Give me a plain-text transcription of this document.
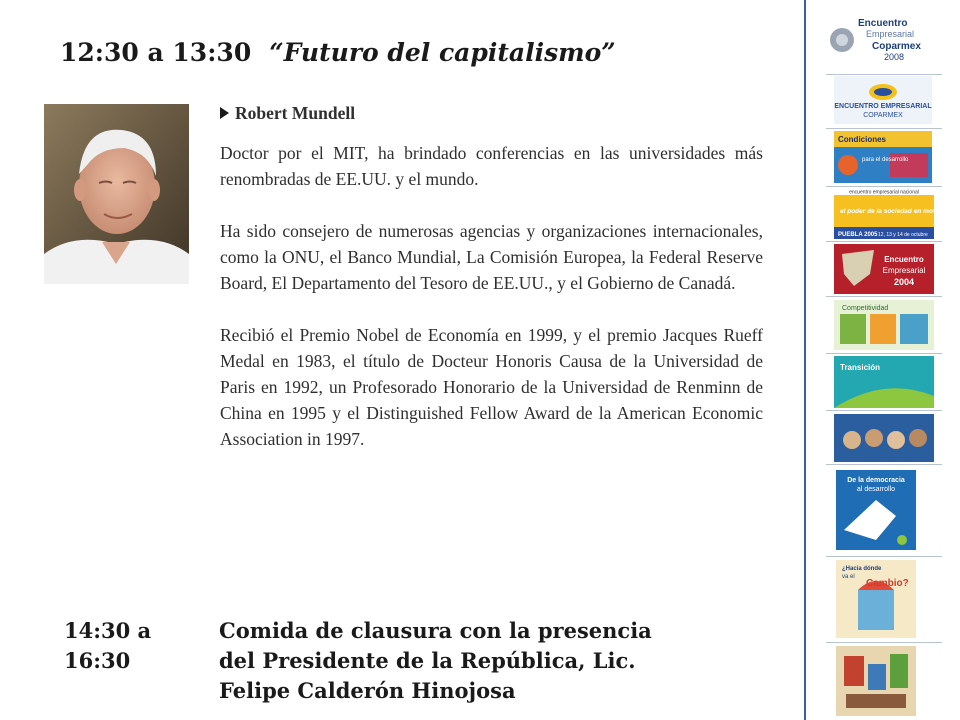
12:30 a 13:30 “Futuro del capitalismo”
Robert Mundell

Doctor por el MIT, ha brindado conferencias en las universidades más renombradas de EE.UU. y el mundo.

Ha sido consejero de numerosas agencias y organizaciones internacionales, como la ONU, el Banco Mundial, La Comisión Europea, la Federal Reserve Board, El Departamento del Tesoro de EE.UU., y el Gobierno de Canadá.

Recibió el Premio Nobel de Economía en 1999, y el premio Jacques Rueff Medal en 1983, el título de Docteur Honoris Causa de la Universidad de Paris en 1992, un Profesorado Honorario de la Universidad de Renminn de China en 1995 y el Distinguished Fellow Award de la American Economic Association in 1997.

14:30 a 16:30
Comida de clausura con la presencia del Presidente de la República, Lic. Felipe Calderón Hinojosa
Encuentro
Empresarial
Coparmex
2008
ENCUENTRO EMPRESARIAL
COPARMEX
Condiciones
para el desarrollo
encuentro empresarial nacional
el poder de la sociedad en movimiento
PUEBLA 2005 12, 13 y 14 de octubre
Encuentro
Empresarial
2004
Competitividad
Transición
De la democracia
al desarrollo
¿Hacia dónde
va el
Cambio?
